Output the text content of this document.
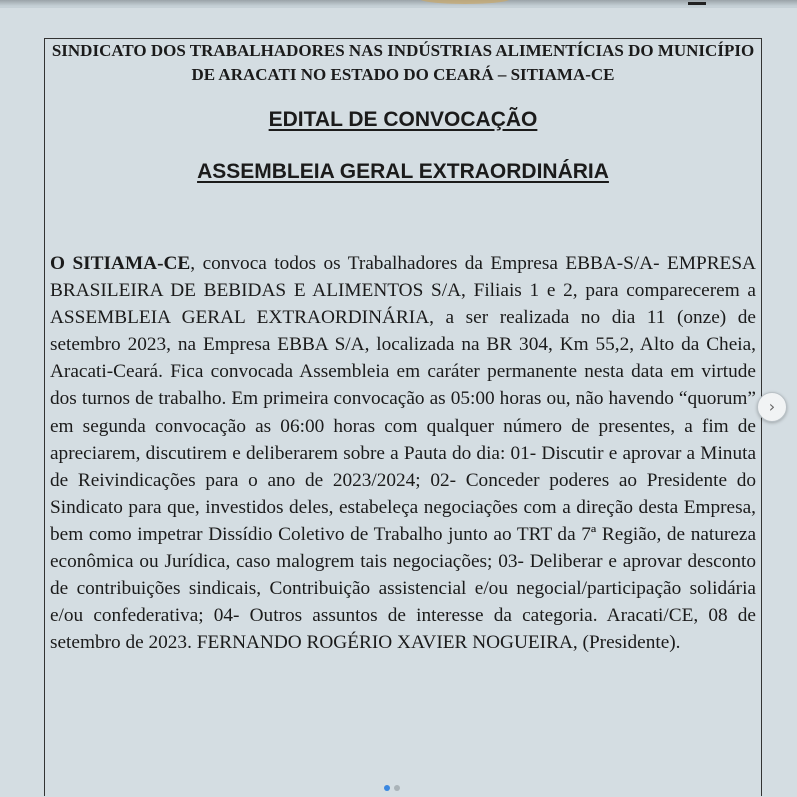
SINDICATO DOS TRABALHADORES NAS INDÚSTRIAS ALIMENTÍCIAS DO MUNICÍPIO DE ARACATI NO ESTADO DO CEARÁ – SITIAMA-CE
EDITAL DE CONVOCAÇÃO
ASSEMBLEIA GERAL EXTRAORDINÁRIA
O SITIAMA-CE, convoca todos os Trabalhadores da Empresa EBBA-S/A- EMPRESA BRASILEIRA DE BEBIDAS E ALIMENTOS S/A, Filiais 1 e 2, para comparecerem a ASSEMBLEIA GERAL EXTRAORDINÁRIA, a ser realizada no dia 11 (onze) de setembro 2023, na Empresa EBBA S/A, localizada na BR 304, Km 55,2, Alto da Cheia, Aracati-Ceará. Fica convocada Assembleia em caráter permanente nesta data em virtude dos turnos de trabalho. Em primeira convocação as 05:00 horas ou, não havendo “quorum” em segunda convocação as 06:00 horas com qualquer número de presentes, a fim de apreciarem, discutirem e deliberarem sobre a Pauta do dia: 01- Discutir e aprovar a Minuta de Reivindicações para o ano de 2023/2024; 02- Conceder poderes ao Presidente do Sindicato para que, investidos deles, estabeleça negociações com a direção desta Empresa, bem como impetrar Dissídio Coletivo de Trabalho junto ao TRT da 7ª Região, de natureza econômica ou Jurídica, caso malogrem tais negociações; 03- Deliberar e aprovar desconto de contribuições sindicais, Contribuição assistencial e/ou negocial/participação solidária e/ou confederativa; 04- Outros assuntos de interesse da categoria. Aracati/CE, 08 de setembro de 2023. FERNANDO ROGÉRIO XAVIER NOGUEIRA, (Presidente).
›
